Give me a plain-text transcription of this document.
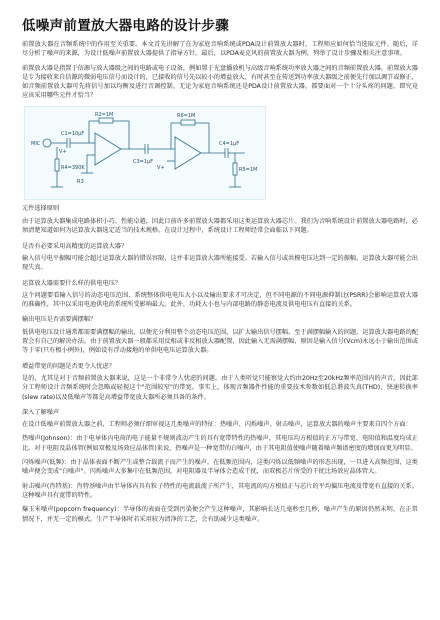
低噪声前置放大器电路的设计步骤

前置放大器在音频系统中的作用至关重要。本文首先讲解了在为家庭音响系统或PDA设计前置放大器时，工程师应如何恰当选取元件。随后，详尽分析了噪声的来源，为设计低噪声前置放大器提供了指导方针。最后，以PDA麦克风的前置放大器为例，列举了设计步骤及相关注意事项。

前置放大器是指置于信源与放大器级之间的电路或电子设备，例如置于光盘播放机与高级音响系统功率放大器之间的音频前置放大器。前置放大器是专为接收来自信源的微弱电压信号而设计的，已接收的信号先以较小的增益放大，有时甚至在传送到功率放大器级之前便先行加以调节或修正，如音频前置放大器可先将信号加以均衡及进行音调控制。无论为家庭音响系统还是PDA设计前置放大器，都要面对一个十分头疼的问题，即究竟应该采用哪些元件才恰当？

R2=1M	R6=1M
R5=1M
C1=10μF
C3=1μF
C4=1μF
MIC
V+
V+
R4=390K
R3

元件选择原则

由于运算放大器集成电路体积小巧、性能卓越，因此目前许多前置放大器都采用这类运算放大器芯片。我们为音响系统设计前置放大器电路时，必须清楚知道如何为运算放大器选定适当的技术规格。在设计过程中，系统设计工程师经常会面临以下问题。

是否有必要采用高精度的运算放大器？

输入信号电平振幅可能会超过运算放大器的错误容限，这并非运算放大器所能接受。若输入信号或共模电压达到一定的振幅，运算放大器可能会出现失真。

运算放大器需要什么样的供电电压？

这个问题要看输入信号的动态电压范围、系统整体供电电压大小以及输出要求才可决定，但不同电源的不同电源抑制比(PSRR)会影响运算放大器的准确性，其中以采用电池供电的系统所受影响最大。此外，功耗大小也与内部电路的静态电流及供电电压有直接的关系。

输出电压是否需要满摆幅？

低供电电压设计通常都需要满摆幅的输出，以便充分利用整个动态电压范围，以扩大输出信号摆幅。至于满摆幅输入的问题，运算放大器电路的配置会有自己的解决办法。由于前置放大器一般都采用反相或非反相放大器配置，因此输入无需满摆幅，原因是输入信号(Vcm)永远小于输出范围或等于零(只有极小例外)，例如设有浮动接地的单供电电压运算放大器。

增益带宽的问题是否更令人忧虑？

是的，尤其是对于音频前置放大器来说，这是一个非常令人忧虑的问题。由于人类听觉只能察觉大约由20Hz至20kHz频率范围内的声音，因此部分工程师设计音频系统时会忽略或轻视这个"范围较窄"的带宽。事实上，体现音频器件性能的重要技术参数如低总谐波失真(THD)、快速转换率(slew rate)以及低噪声等都是高增益带宽放大器所必须具备的条件。

深入了解噪声

在设计低噪声前置放大器之前，工程师必须仔细审视这几类噪声的特征：热噪声、闪烁噪声、射击噪声，运算放大器的噪声主要来自四个方面：

热噪声(Johnson)：由于电导体内电荷的电子能量不规则波动产生的具有宽带特性的热噪声，其电压均方根值的正方与带宽、电阻值和温度均成正比。对于电阻及晶体管(例如双极及场效应晶体管)来说，热噪声是一种宽带的白噪声，由于其电阻值使噪声随着噪声频谱密度的增加而更为明显。

闪烁噪声(低频)：由于晶体表面不断产生或整合载流子而产生的噪声。在低频范围内，这类闪烁以低频噪声的形态出现，一旦进入高频范围，这类噪声便会变成"白噪声"。闪烁噪声大多集中在低频范围，对电阻器及半导体会造成干扰，而双极芯片所受的干扰比场效应晶体管大。

射击噪声(肖特基)：肖特基噪声由半导体内具有粒子特性的电流载流子所产生，其电流的均方根值正与芯片的平均偏压电流及带宽有直接的关系。这种噪声具有宽带的特性。

爆玉米噪声(popcorn frequency)：半导体的表面在受到污染便会产生这种噪声，其影响长达几毫秒至几秒，噪声产生的原因仍然未明，在正常情况下，并无一定的模式。生产半导体时若采用较为清净的工艺，会有助减少这类噪声。
